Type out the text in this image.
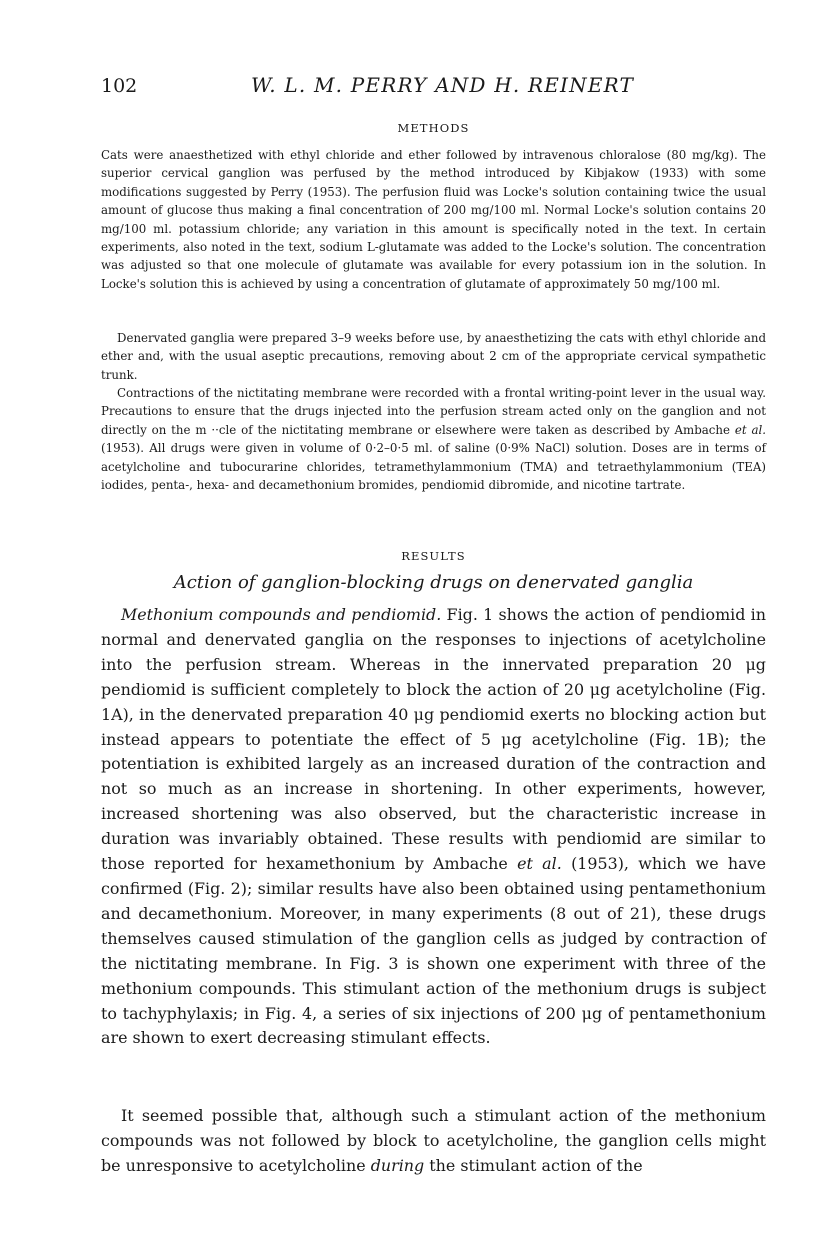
102	W. L. M. PERRY AND H. REINERT
METHODS

Cats were anaesthetized with ethyl chloride and ether followed by intravenous chloralose (80 mg/kg). The superior cervical ganglion was perfused by the method introduced by Kibjakow (1933) with some modifications suggested by Perry (1953). The perfusion fluid was Locke's solution containing twice the usual amount of glucose thus making a final concentration of 200 mg/100 ml. Normal Locke's solution contains 20 mg/100 ml. potassium chloride; any variation in this amount is specifically noted in the text. In certain experiments, also noted in the text, sodium L-glutamate was added to the Locke's solution. The concentration was adjusted so that one molecule of glutamate was available for every potassium ion in the solution. In Locke's solution this is achieved by using a concentration of glutamate of approximately 50 mg/100 ml.

Denervated ganglia were prepared 3–9 weeks before use, by anaesthetizing the cats with ethyl chloride and ether and, with the usual aseptic precautions, removing about 2 cm of the appropriate cervical sympathetic trunk.

Contractions of the nictitating membrane were recorded with a frontal writing-point lever in the usual way. Precautions to ensure that the drugs injected into the perfusion stream acted only on the ganglion and not directly on the m ··cle of the nictitating membrane or elsewhere were taken as described by Ambache et al. (1953). All drugs were given in volume of 0·2–0·5 ml. of saline (0·9% NaCl) solution. Doses are in terms of acetylcholine and tubocurarine chlorides, tetramethylammonium (TMA) and tetraethylammonium (TEA) iodides, penta-, hexa- and decamethonium bromides, pendiomid dibromide, and nicotine tartrate.

RESULTS
Action of ganglion-blocking drugs on denervated ganglia

Methonium compounds and pendiomid. Fig. 1 shows the action of pendiomid in normal and denervated ganglia on the responses to injections of acetylcholine into the perfusion stream. Whereas in the innervated preparation 20 μg pendiomid is sufficient completely to block the action of 20 μg acetylcholine (Fig. 1A), in the denervated preparation 40 μg pendiomid exerts no blocking action but instead appears to potentiate the effect of 5 μg acetylcholine (Fig. 1B); the potentiation is exhibited largely as an increased duration of the contraction and not so much as an increase in shortening. In other experiments, however, increased shortening was also observed, but the characteristic increase in duration was invariably obtained. These results with pendiomid are similar to those reported for hexamethonium by Ambache et al. (1953), which we have confirmed (Fig. 2); similar results have also been obtained using pentamethonium and decamethonium. Moreover, in many experiments (8 out of 21), these drugs themselves caused stimulation of the ganglion cells as judged by contraction of the nictitating membrane. In Fig. 3 is shown one experiment with three of the methonium compounds. This stimulant action of the methonium drugs is subject to tachyphylaxis; in Fig. 4, a series of six injections of 200 μg of pentamethonium are shown to exert decreasing stimulant effects.

It seemed possible that, although such a stimulant action of the methonium compounds was not followed by block to acetylcholine, the ganglion cells might be unresponsive to acetylcholine during the stimulant action of the
